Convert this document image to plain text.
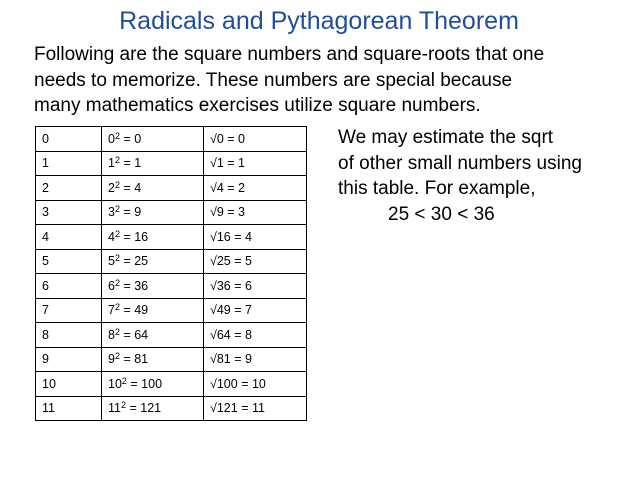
Radicals and Pythagorean Theorem
Following are the square numbers and square-roots that one
needs to memorize. These numbers are special because
many mathematics exercises utilize square numbers.
0	$0^2 = 0$	√0 = 0
1	$1^2 = 1$	√1 = 1
2	$2^2 = 4$	√4 = 2
3	$3^2 = 9$	√9 = 3
4	$4^2 = 16$	√16 = 4
5	$5^2 = 25$	√25 = 5
6	$6^2 = 36$	√36 = 6
7	$7^2 = 49$	√49 = 7
8	$8^2 = 64$	√64 = 8
9	$9^2 = 81$	√81 = 9
10	$10^2 = 100$	√100 = 10
11	$11^2 = 121$	√121 = 11
We may estimate the sqrt
of other small numbers using
this table. For example,
25 < 30 < 36
